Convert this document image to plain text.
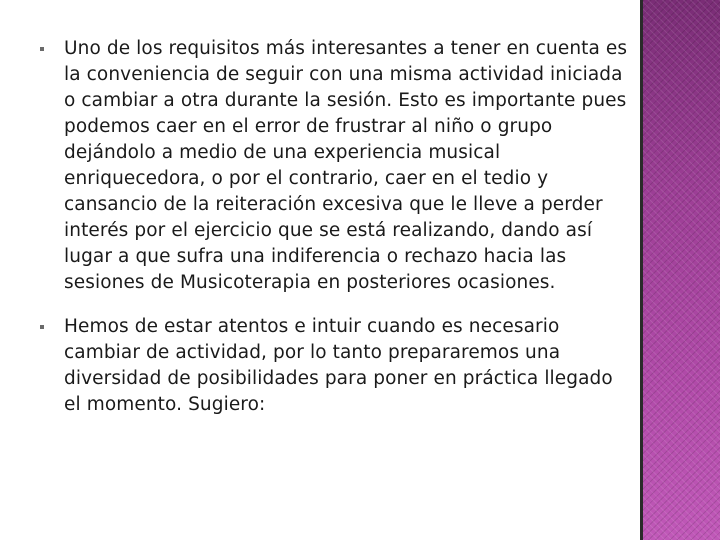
Uno de los requisitos más interesantes a tener en cuenta es la conveniencia de seguir con una misma actividad iniciada o cambiar a otra durante la sesión. Esto es importante pues podemos caer en el error de frustrar al niño o grupo dejándolo a medio de una experiencia musical enriquecedora, o por el contrario, caer en el tedio y cansancio de la reiteración excesiva que le lleve a perder interés por el ejercicio que se está realizando, dando así lugar a que sufra una indiferencia o rechazo hacia las sesiones de Musicoterapia en posteriores ocasiones.
Hemos de estar atentos e intuir cuando es necesario cambiar de actividad, por lo tanto prepararemos una diversidad de posibilidades para poner en práctica llegado el momento. Sugiero:
